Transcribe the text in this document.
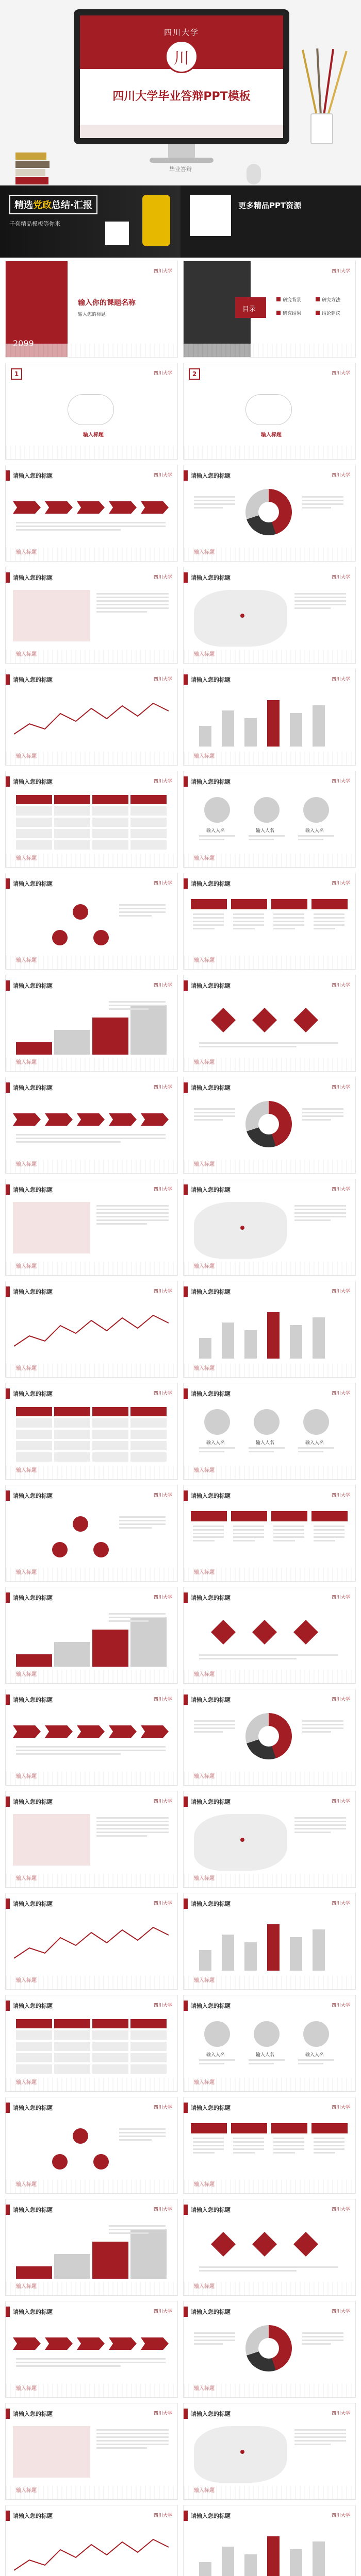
四川大学
川
四川大学毕业答辩PPT模板
毕业答辩
精选党政总结·汇报
千套精品模板等你来
更多精品PPT资源
输入你的课题名称
输入您的标题
四川大学
目录
研究背景	研究方法
研究结果	结论建议
四川大学
1
输入标题
四川大学	2
输入标题
四川大学
请输入您的标题	四川大学	请输入您的标题	四川大学
请输入您的标题	四川大学	请输入您的标题	四川大学
请输入您的标题	四川大学	请输入您的标题	四川大学
请输入您的标题	四川大学	请输入您的标题
输入人名	输入人名	输入人名
四川大学
请输入您的标题	四川大学	请输入您的标题	四川大学
请输入您的标题	四川大学	请输入您的标题	四川大学
请输入您的标题	四川大学	请输入您的标题	四川大学
请输入您的标题	四川大学	请输入您的标题	四川大学
请输入您的标题	四川大学	请输入您的标题	四川大学
请输入您的标题	四川大学	请输入您的标题
输入人名	输入人名	输入人名
四川大学
请输入您的标题	四川大学	请输入您的标题	四川大学
请输入您的标题	四川大学	请输入您的标题	四川大学
请输入您的标题	四川大学	请输入您的标题	四川大学
请输入您的标题	四川大学	请输入您的标题	四川大学
请输入您的标题	四川大学	请输入您的标题	四川大学
请输入您的标题	四川大学	请输入您的标题
输入人名	输入人名	输入人名
四川大学
请输入您的标题	四川大学	请输入您的标题	四川大学
请输入您的标题	四川大学	请输入您的标题	四川大学
请输入您的标题	四川大学	请输入您的标题	四川大学
请输入您的标题	四川大学	请输入您的标题	四川大学
请输入您的标题	四川大学	请输入您的标题	四川大学
